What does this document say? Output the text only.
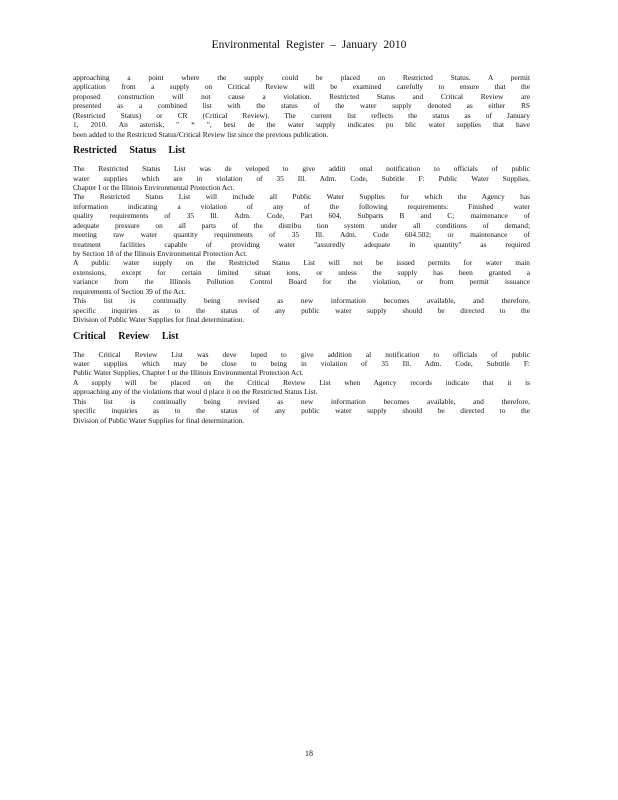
Environmental Register – January 2010
approaching a point where the supply could be placed on Restricted Status. A permit
application from a supply on Critical Review will be examined carefully to ensure that the
proposed construction will not cause a violation. Restricted Status and Critical Review are
presented as a combined list with the status of the water supply denoted as either RS
(Restricted Status) or CR (Critical Review). The current list reflects the status as of January
1, 2010. An asterisk, " * ", besi de the water supply indicates pu blic water supplies that have
been added to the Restricted Status/Critical Review list since the previous publication.
Restricted Status List
The Restricted Status List was de veloped to give additi onal notification to officials of public
water supplies which are in violation of 35 Ill. Adm. Code, Subtitle F: Public Water Supplies,
Chapter I or the Illinois Environmental Protection Act.
The Restricted Status List will include all Public Water Supplies for which the Agency has
information indicating a violation of any of the following requirements: Finished water
quality requirements of 35 Ill. Adm. Code, Part 604, Subparts B and C; maintenance of
adequate pressure on all parts of the distribu tion system under all conditions of demand;
meeting raw water quantity requirements of 35 Ill. Adm. Code 604.502; or maintenance of
treatment facilities capable of providing water "assuredly adequate in quantity" as required
by Section 18 of the Illinois Environmental Protection Act.
A public water supply on the Restricted Status List will not be issued permits for water main
extensions, except for certain limited situat ions, or unless the supply has been granted a
variance from the Illinois Pollution Control Board for the violation, or from permit issuance
requirements of Section 39 of the Act.
This list is continually being revised as new information becomes available, and therefore,
specific inquiries as to the status of any public water supply should be directed to the
Division of Public Water Supplies for final determination.
Critical Review List
The Critical Review List was deve loped to give addition al notification to officials of public
water supplies which may be close to being in violation of 35 Ill. Adm. Code, Subtitle F:
Public Water Supplies, Chapter I or the Illinois Environmental Protection Act.
A supply will be placed on the Critical Review List when Agency records indicate that it is
approaching any of the violations that woul d place it on the Restricted Status List.
This list is continually being revised as new information becomes available, and therefore,
specific inquiries as to the status of any public water supply should be directed to the
Division of Public Water Supplies for final determination.
18
